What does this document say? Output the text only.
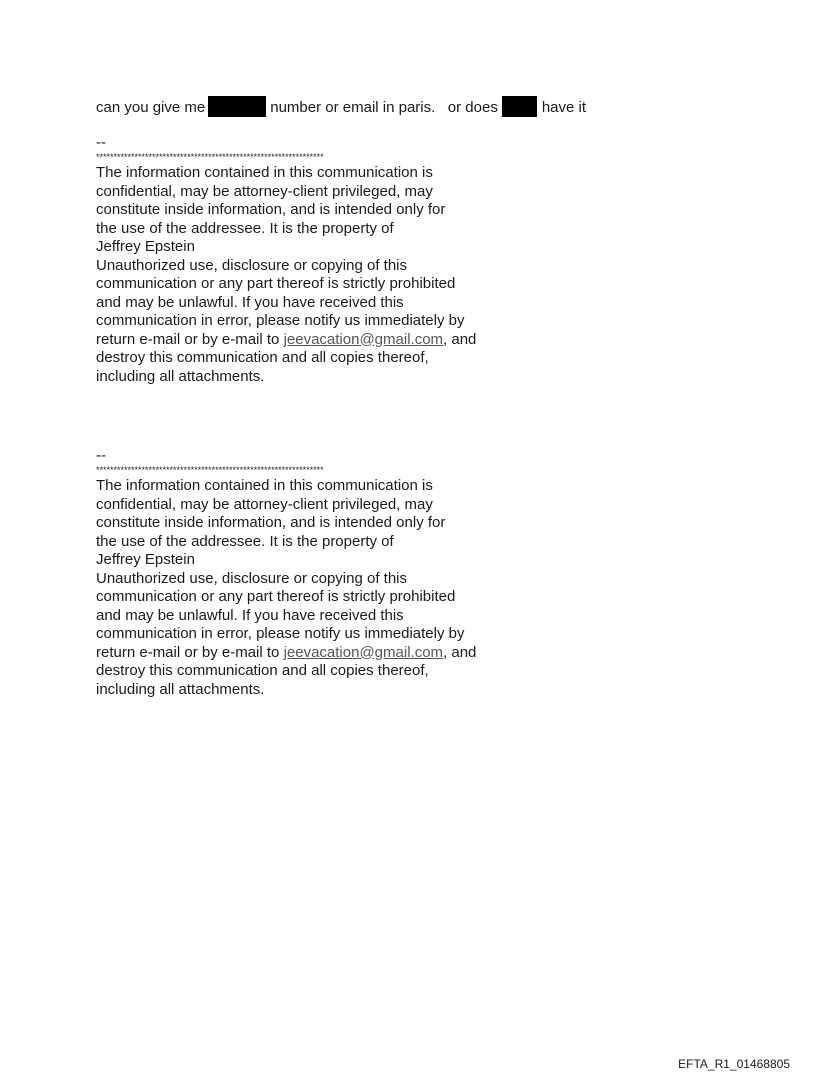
can you give me	number or email in paris.   or does	have it
--
*****************************************************************
The information contained in this communication is
confidential, may be attorney-client privileged, may
constitute inside information, and is intended only for
the use of the addressee. It is the property of
Jeffrey Epstein
Unauthorized use, disclosure or copying of this
communication or any part thereof is strictly prohibited
and may be unlawful. If you have received this
communication in error, please notify us immediately by
return e-mail or by e-mail to jeevacation@gmail.com, and
destroy this communication and all copies thereof,
including all attachments.
--
*****************************************************************
The information contained in this communication is
confidential, may be attorney-client privileged, may
constitute inside information, and is intended only for
the use of the addressee. It is the property of
Jeffrey Epstein
Unauthorized use, disclosure or copying of this
communication or any part thereof is strictly prohibited
and may be unlawful. If you have received this
communication in error, please notify us immediately by
return e-mail or by e-mail to jeevacation@gmail.com, and
destroy this communication and all copies thereof,
including all attachments.
EFTA_R1_01468805
